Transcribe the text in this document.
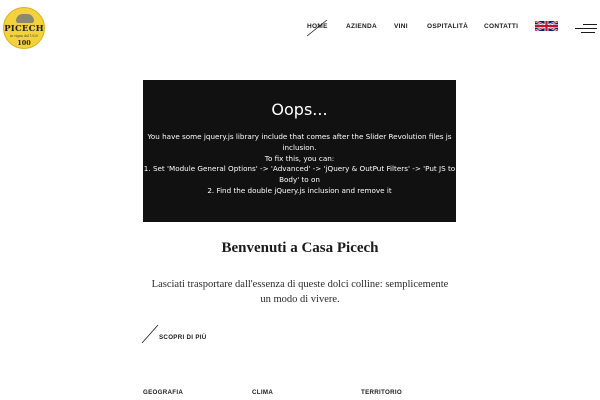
PICECH
in vigna dal 1920
100
HOME	AZIENDA	VINI	OSPITALITÀ CONTATTI
Oops...
You have some jquery.js library include that comes after the Slider Revolution files js
inclusion.
To fix this, you can:
1. Set 'Module General Options' -> 'Advanced' -> 'jQuery & OutPut Filters' -> 'Put JS to
Body' to on
2. Find the double jQuery.js inclusion and remove it
Benvenuti a Casa Picech

Lasciati trasportare dall'essenza di queste dolci colline: semplicemente un modo di vivere.

SCOPRI DI PIÙ
GEOGRAFIA	CLIMA	TERRITORIO
